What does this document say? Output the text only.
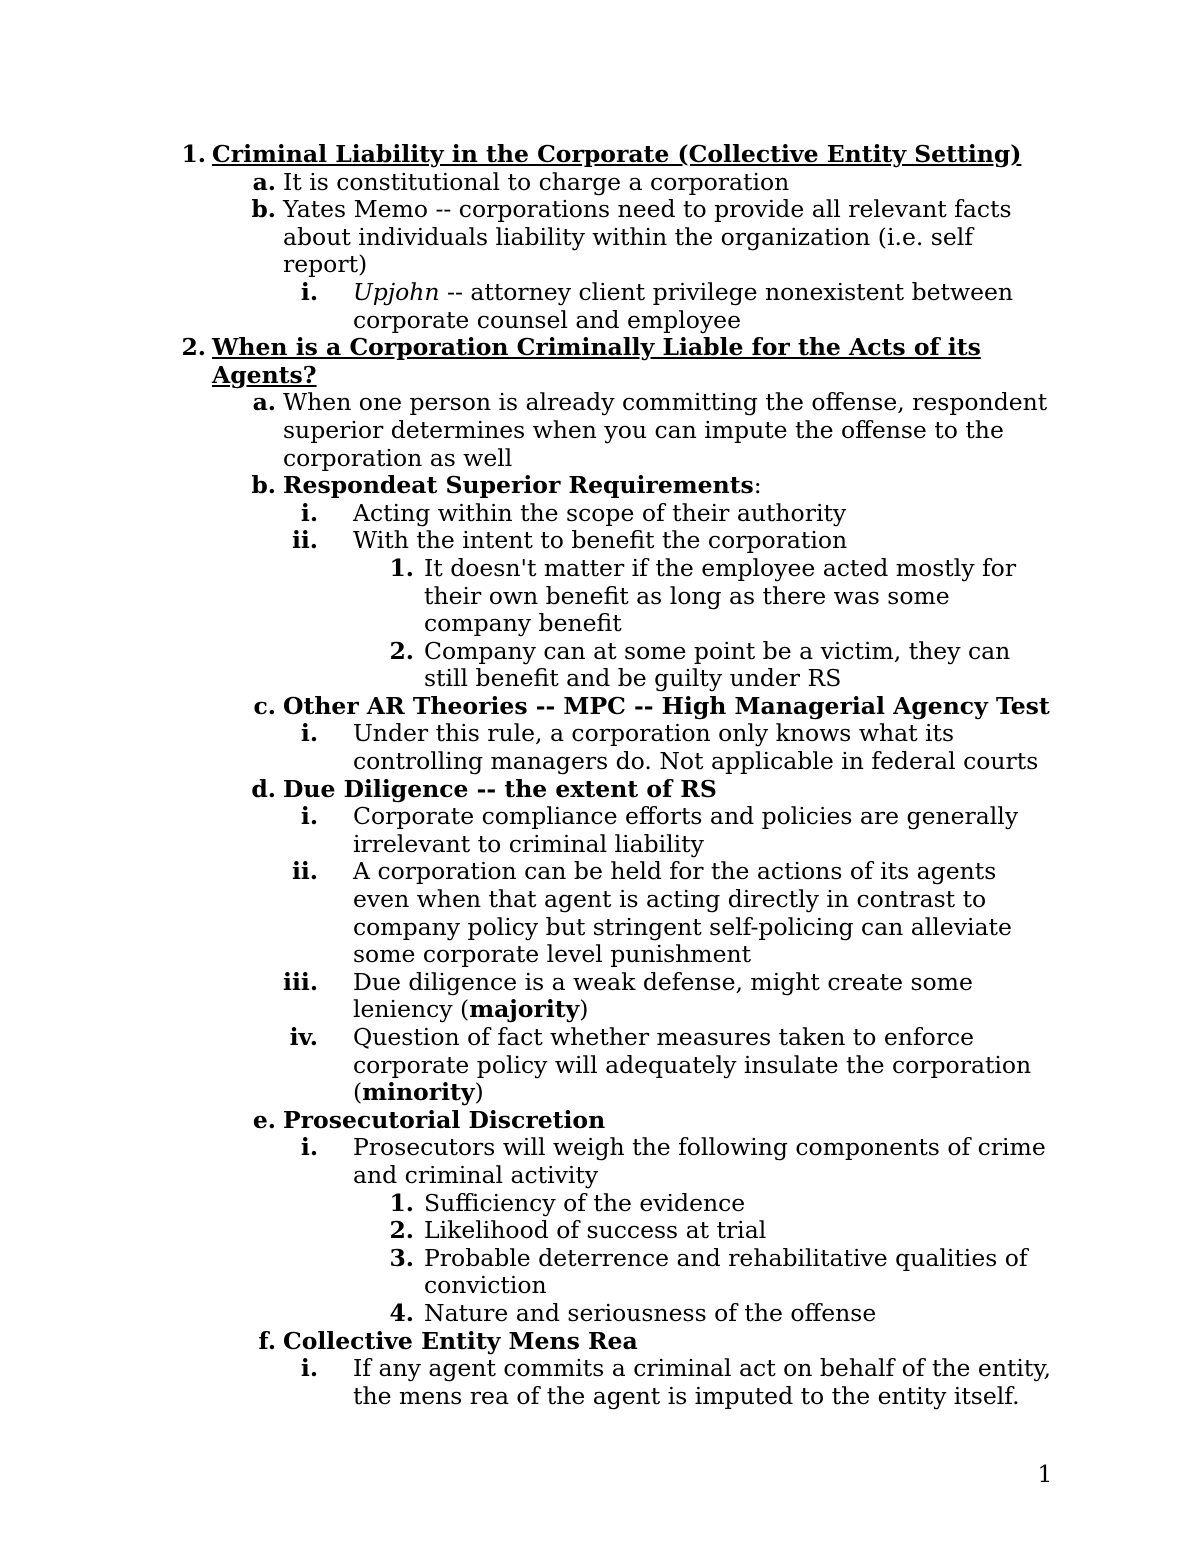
1. Criminal Liability in the Corporate (Collective Entity Setting)
a. It is constitutional to charge a corporation
b. Yates Memo -- corporations need to provide all relevant facts
about individuals liability within the organization (i.e. self
report)
i. Upjohn -- attorney client privilege nonexistent between
corporate counsel and employee
2. When is a Corporation Criminally Liable for the Acts of its
Agents?
a. When one person is already committing the offense, respondent
superior determines when you can impute the offense to the
corporation as well
b. Respondeat Superior Requirements:
i. Acting within the scope of their authority
ii. With the intent to benefit the corporation
1. It doesn't matter if the employee acted mostly for
their own benefit as long as there was some
company benefit
2. Company can at some point be a victim, they can
still benefit and be guilty under RS
c. Other AR Theories -- MPC -- High Managerial Agency Test
i. Under this rule, a corporation only knows what its
controlling managers do. Not applicable in federal courts
d. Due Diligence -- the extent of RS
i. Corporate compliance efforts and policies are generally
irrelevant to criminal liability
ii. A corporation can be held for the actions of its agents
even when that agent is acting directly in contrast to
company policy but stringent self-policing can alleviate
some corporate level punishment
iii. Due diligence is a weak defense, might create some
leniency (majority)
iv. Question of fact whether measures taken to enforce
corporate policy will adequately insulate the corporation
(minority)
e. Prosecutorial Discretion
i. Prosecutors will weigh the following components of crime
and criminal activity
1. Sufficiency of the evidence
2. Likelihood of success at trial
3. Probable deterrence and rehabilitative qualities of
conviction
4. Nature and seriousness of the offense
f. Collective Entity Mens Rea
i. If any agent commits a criminal act on behalf of the entity,
the mens rea of the agent is imputed to the entity itself.
1
